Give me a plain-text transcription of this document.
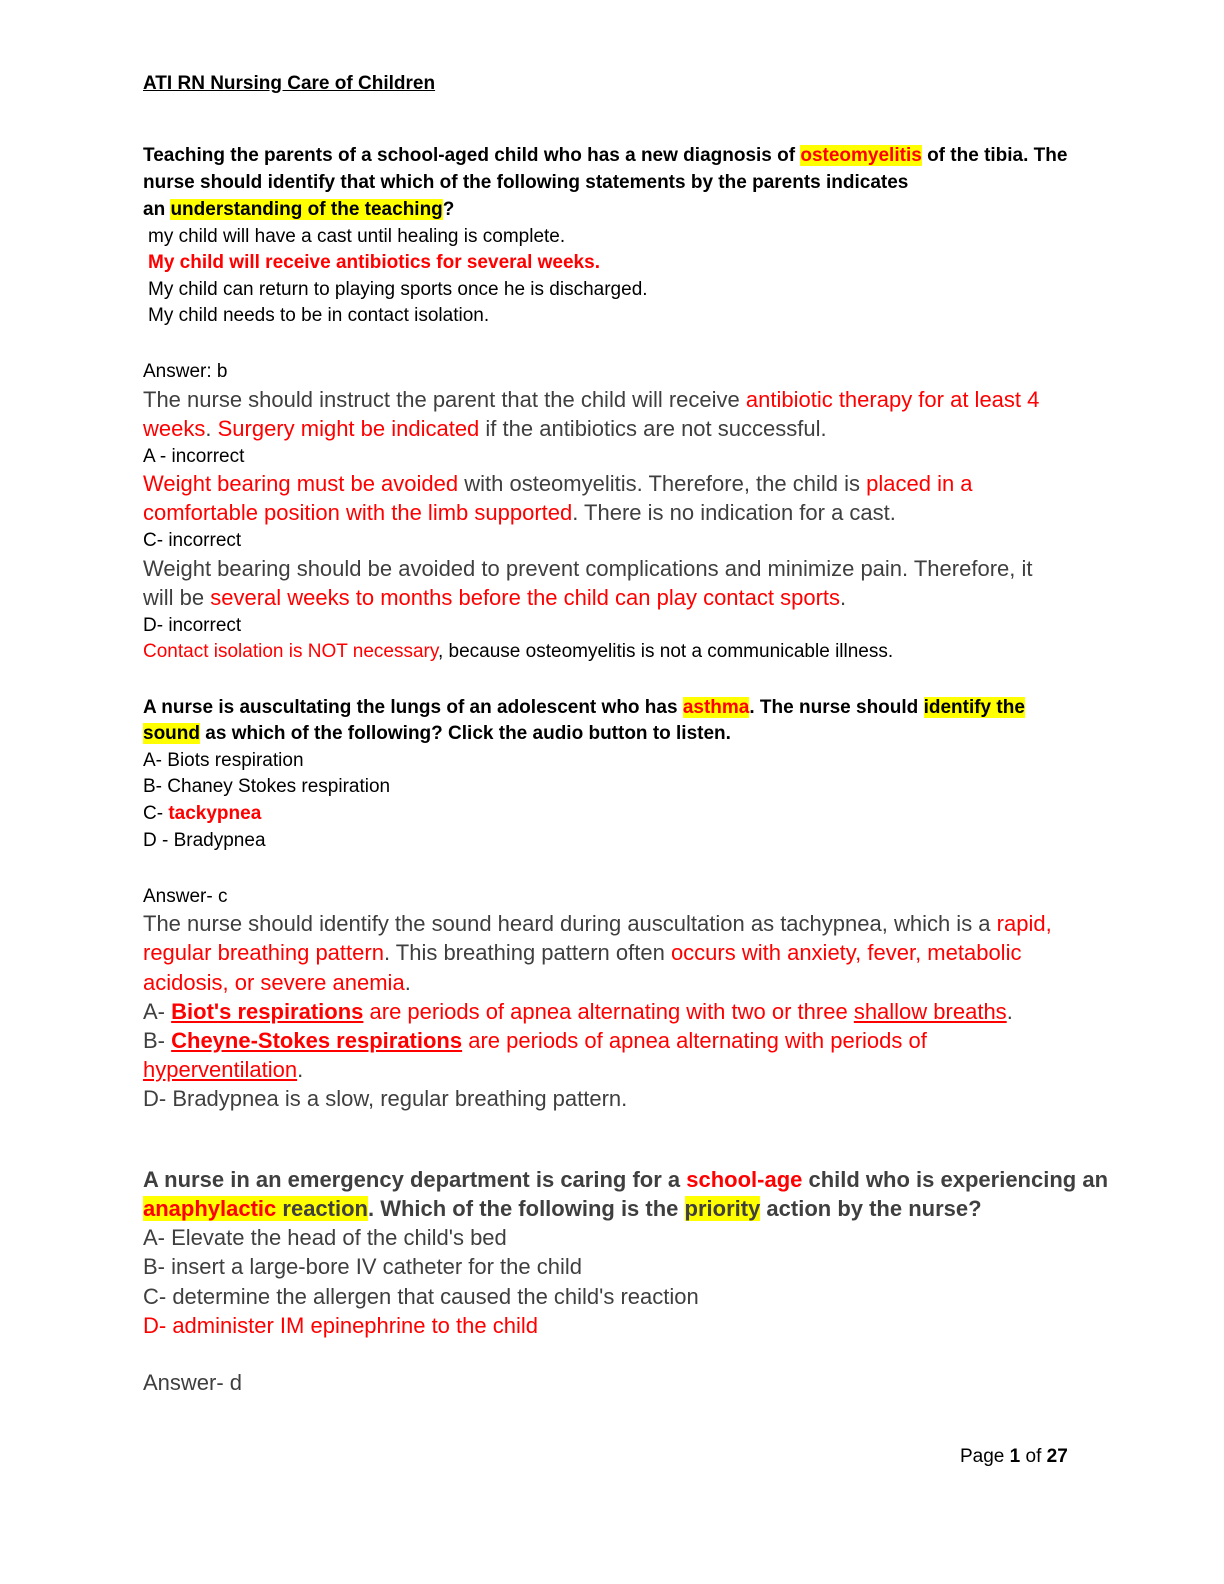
ATI RN Nursing Care of Children
Teaching the parents of a school-aged child who has a new diagnosis of osteomyelitis of the tibia. The
nurse should identify that which of the following statements by the parents indicates
an understanding of the teaching?
my child will have a cast until healing is complete.
My child will receive antibiotics for several weeks.
My child can return to playing sports once he is discharged.
My child needs to be in contact isolation.
Answer: b
The nurse should instruct the parent that the child will receive antibiotic therapy for at least 4
weeks. Surgery might be indicated if the antibiotics are not successful.
A - incorrect
Weight bearing must be avoided with osteomyelitis. Therefore, the child is placed in a
comfortable position with the limb supported. There is no indication for a cast.
C- incorrect
Weight bearing should be avoided to prevent complications and minimize pain. Therefore, it
will be several weeks to months before the child can play contact sports.
D- incorrect
Contact isolation is NOT necessary, because osteomyelitis is not a communicable illness.
A nurse is auscultating the lungs of an adolescent who has asthma. The nurse should identify the
sound as which of the following? Click the audio button to listen.
A- Biots respiration
B- Chaney Stokes respiration
C- tackypnea
D - Bradypnea
Answer- c
The nurse should identify the sound heard during auscultation as tachypnea, which is a rapid,
regular breathing pattern. This breathing pattern often occurs with anxiety, fever, metabolic
acidosis, or severe anemia.
A- Biot's respirations are periods of apnea alternating with two or three shallow breaths.
B- Cheyne-Stokes respirations are periods of apnea alternating with periods of
hyperventilation.
D- Bradypnea is a slow, regular breathing pattern.
A nurse in an emergency department is caring for a school-age child who is experiencing an
anaphylactic reaction. Which of the following is the priority action by the nurse?
A- Elevate the head of the child's bed
B- insert a large-bore IV catheter for the child
C- determine the allergen that caused the child's reaction
D- administer IM epinephrine to the child
Answer- d
Page 1 of 27
